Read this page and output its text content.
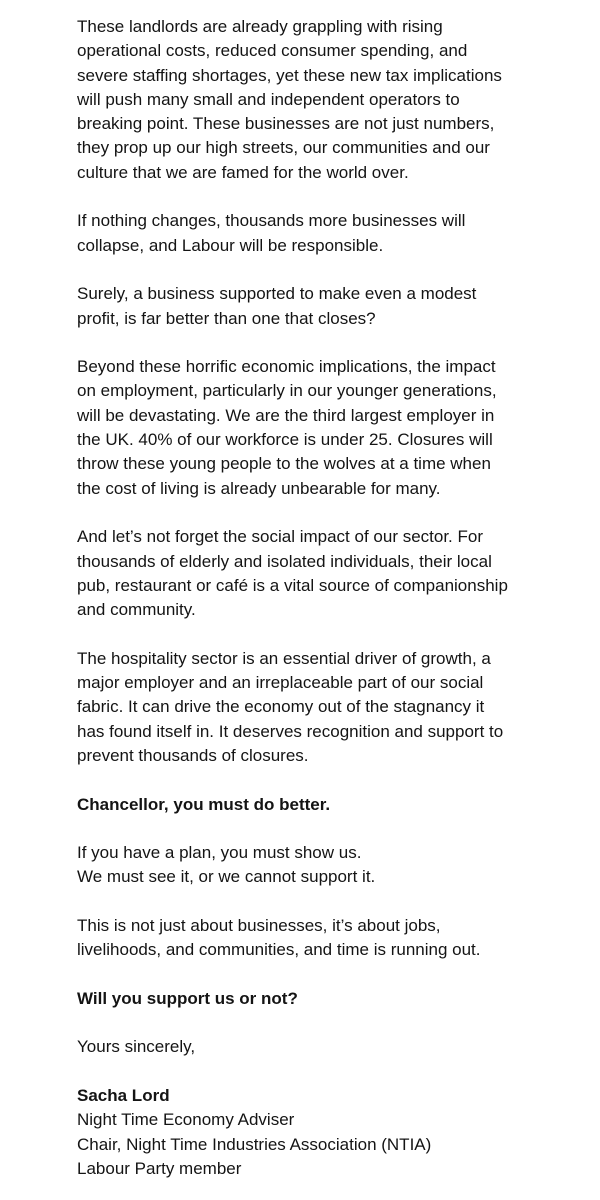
These landlords are already grappling with rising
operational costs, reduced consumer spending, and
severe staffing shortages, yet these new tax implications
will push many small and independent operators to
breaking point. These businesses are not just numbers,
they prop up our high streets, our communities and our
culture that we are famed for the world over.

If nothing changes, thousands more businesses will
collapse, and Labour will be responsible.

Surely, a business supported to make even a modest
profit, is far better than one that closes?

Beyond these horrific economic implications, the impact
on employment, particularly in our younger generations,
will be devastating. We are the third largest employer in
the UK. 40% of our workforce is under 25. Closures will
throw these young people to the wolves at a time when
the cost of living is already unbearable for many.

And let’s not forget the social impact of our sector. For
thousands of elderly and isolated individuals, their local
pub, restaurant or café is a vital source of companionship
and community.

The hospitality sector is an essential driver of growth, a
major employer and an irreplaceable part of our social
fabric. It can drive the economy out of the stagnancy it
has found itself in. It deserves recognition and support to
prevent thousands of closures.

Chancellor, you must do better.

If you have a plan, you must show us.
We must see it, or we cannot support it.

This is not just about businesses, it’s about jobs,
livelihoods, and communities, and time is running out.

Will you support us or not?

Yours sincerely,

Sacha Lord

Night Time Economy Adviser

Chair, Night Time Industries Association (NTIA)

Labour Party member
